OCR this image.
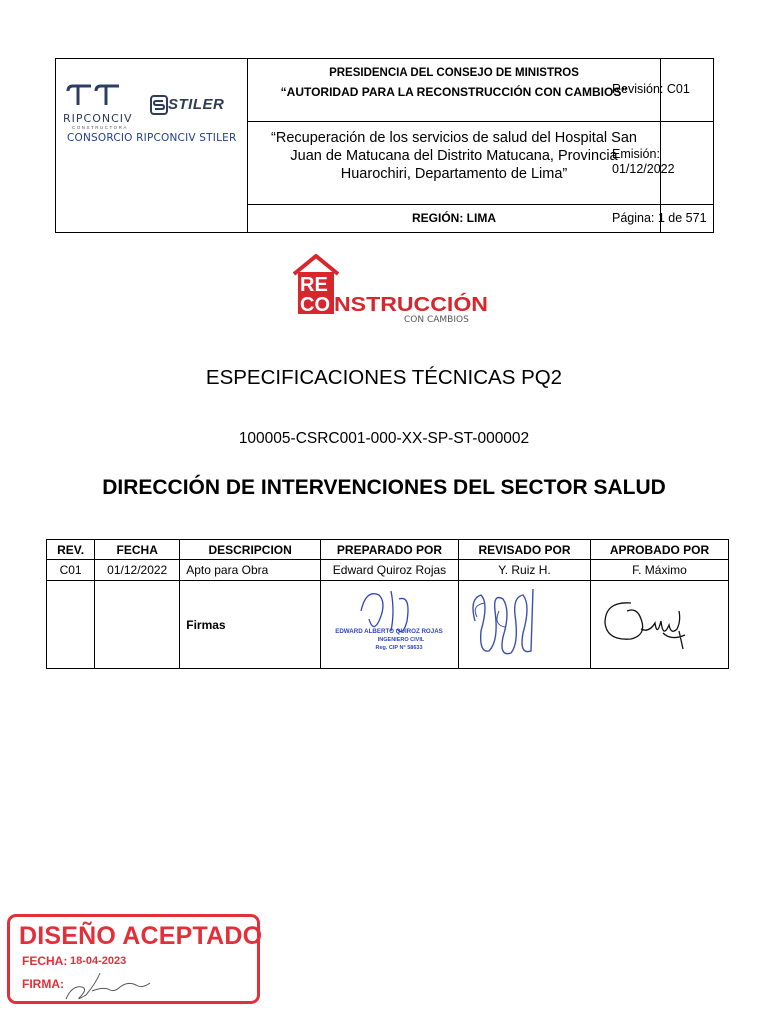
RIPCONCIV
CONSTRUCTORA
STILER
CONSORCIO RIPCONCIV STILER
PRESIDENCIA DEL CONSEJO DE MINISTROS
“AUTORIDAD PARA LA RECONSTRUCCIÓN CON CAMBIOS”
“Recuperación de los servicios de salud del Hospital San Juan de Matucana del Distrito Matucana, Provincia Huarochiri, Departamento de Lima”
REGIÓN: LIMA
Revisión: C01
Emisión:
01/12/2022
Página: 1 de 571
RE
CO NSTRUCCIÓN
CON CAMBIOS
ESPECIFICACIONES TÉCNICAS PQ2
100005-CSRC001-000-XX-SP-ST-000002
DIRECCIÓN DE INTERVENCIONES DEL SECTOR SALUD
REV.	FECHA	DESCRIPCION	PREPARADO POR	REVISADO POR	APROBADO POR
C01	01/12/2022	Apto para Obra	Edward Quiroz Rojas	Y. Ruiz H.	F. Máximo
		Firmas	EDWARD ALBERTO QUIROZ ROJAS
INGENIERO CIVIL
Reg. CIP N° 58633

DISEÑO ACEPTADO
FECHA: 18-04-2023
FIRMA:
